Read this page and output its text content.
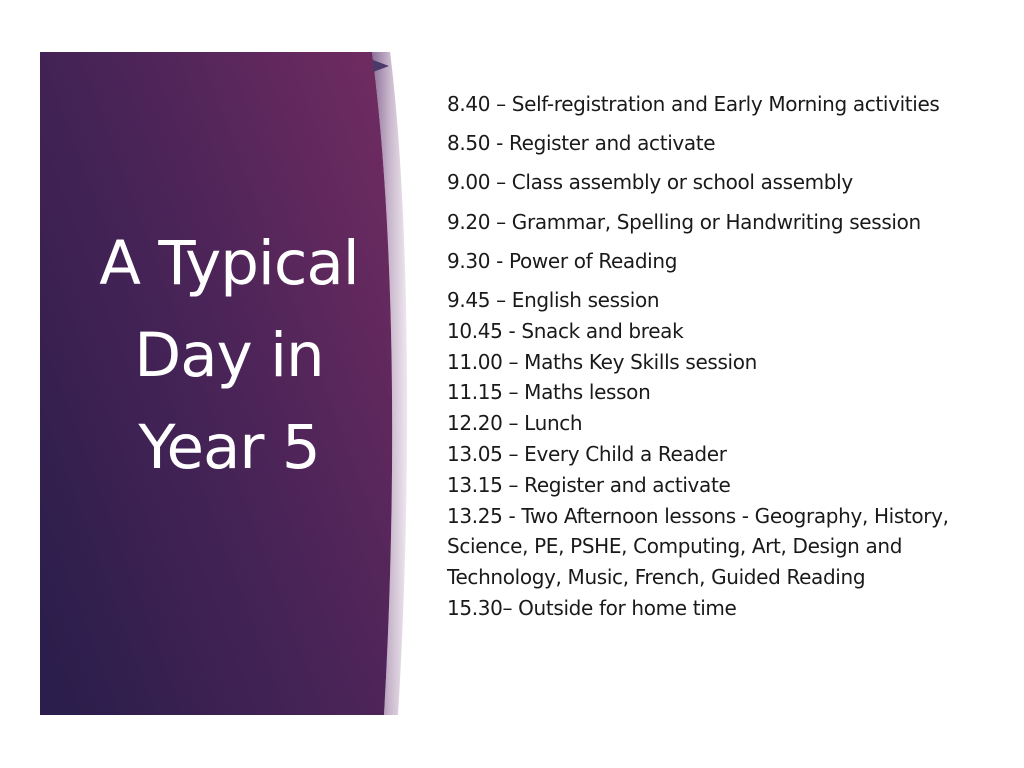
A Typical
Day in
Year 5
8.40 – Self-registration and Early Morning activities
8.50 - Register and activate
9.00 – Class assembly or school assembly
9.20 – Grammar, Spelling or Handwriting session
9.30 - Power of Reading
9.45 – English session
10.45 - Snack and break
11.00 – Maths Key Skills session
11.15 – Maths lesson
12.20 – Lunch
13.05 – Every Child a Reader
13.15 – Register and activate
13.25 - Two Afternoon lessons - Geography, History, Science, PE, PSHE, Computing, Art, Design and Technology, Music, French, Guided Reading
15.30– Outside for home time
